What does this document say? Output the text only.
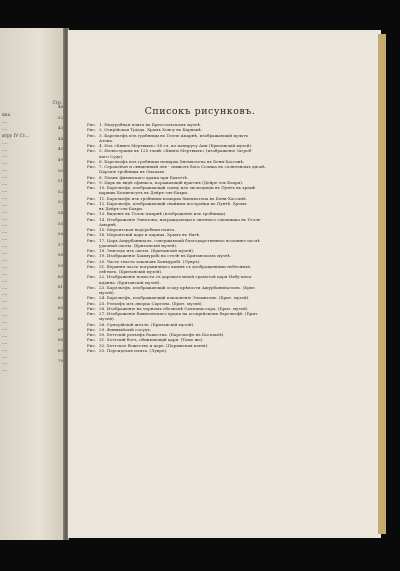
Стр.
ипа
....
....
итру IV Ст...
....
....
....
....
....
....
....
....
....
....
....
....
....
....
....
....
....
....
....
....
....
....
....
....
....
....
....
....
....
....
....
....
....
....
48
52
43
44
45
49
50
51
52
53
54
55
56
57
58
59
60
61
62
65
66
67
68
69
70
Списокъ рисунковъ.
Рис. 1. Надгробная плита въ Брюссельскомъ музеѣ.
Рис. 2. Осирійская Тріада. Храмъ Хонсу въ Карнакѣ.
Рис. 3. Барельефъ изъ гробницы въ Телль-Амарнѣ, изображающій культъ
Атона.
Рис. 4. Изъ «Книги Мертвыхъ» 58 гл. по папирусу Ани (Британскій музей).
Рис. 5. Иллюстрація къ 125 главѣ «Книги Мертвыхъ» (изображеніе Загроб-
наго Суда).
Рис. 6. Барельефъ изъ гробницы номарха Хнемхотепа въ Бени-Хассанѣ.
Рис. 7. Серапейон и священный лев - символъ бога Солнца въ солнечномъ дискѣ.
Царскіе гробницы въ Опахахъ.
Рис. 8. Планъ фиванскаго храма при Бахеттѣ.
Рис. 9. Царь въ видѣ сфинкса, поражающій враговъ (Дейръ-эль-Бахри).
Рис. 10. Барельефъ, изображающій сцену изъ экспедиціи въ Пунтъ въ храмѣ
царицы Хатшепсутъ въ Дейръ-эль-Бахри.
Рис. 11. Барельефъ изъ гробницы номарха Хнемхотепа въ Бени-Хассанѣ.
Рис. 12. Барельефъ, изображающій свайныя постройки въ Пунтѣ. Храмъ
въ Дейръ-эль-Бахри.
Рис. 13. Виденіе въ Телль-Амарнѣ (изображеніе изъ гробницы).
Рис. 14. Изображеніе Эхнатона, награждающаго знатнаго сановника въ Телль-
Амарнѣ.
Рис. 15. Мероитская надгробная плита.
Рис. 16. Мероитскій царь и царица. Храмъ въ Нагѣ.
Рис. 17. Царь Ашурбанипалъ, совершающій благодарственное возліяніе послѣ
удачной охоты. (Британскій музей).
Рис. 18. Эпизодъ изъ охоты. (Британскій музей).
Рис. 19. Изображеніе Хаммурабі на стелѣ въ Британскомъ музеѣ.
Рис. 20. Часть текста законовъ Хаммурабі. (Лувръ).
Рис. 21. Верхняя часть пограничнаго камня съ изображеніями небесныхъ
свѣтилъ. (Британскій музей).
Рис. 22. Изображеніе помоста съ даровательной грамотой царя Набу-апла-
иддина. (Британскій музей).
Рис. 23. Барельефъ, изображающій осаду крѣпости Ашурбанипаломъ. (Брит.
музей).
Рис. 24. Барельефъ, изображающій поклоненіе Эламитовъ. (Брит. музей).
Рис. 25. Рельефъ изъ дворца Саргона. (Брит. музей).
Рис. 26. Изображеніе на черномъ обелискѣ Салманассара. (Брит. музей).
Рис. 27. Изображеніе Вавилонскаго храма на ассирійскомъ барельефѣ. (Брит.
музей).
Рис. 28. Сумерійскій жезлъ. (Британскій музей).
Рис. 29. Финикійскій сосудъ.
Рис. 30. Хеттскій рельефъ божества. (Барельефъ въ Богазкеѣ).
Рис. 31. Хеттскій богъ, обнимающій царя. (Тамъ же).
Рис. 32. Хеттское божество и царь. (Парижская копія).
Рис. 33. Персидская плита. (Лувръ).
